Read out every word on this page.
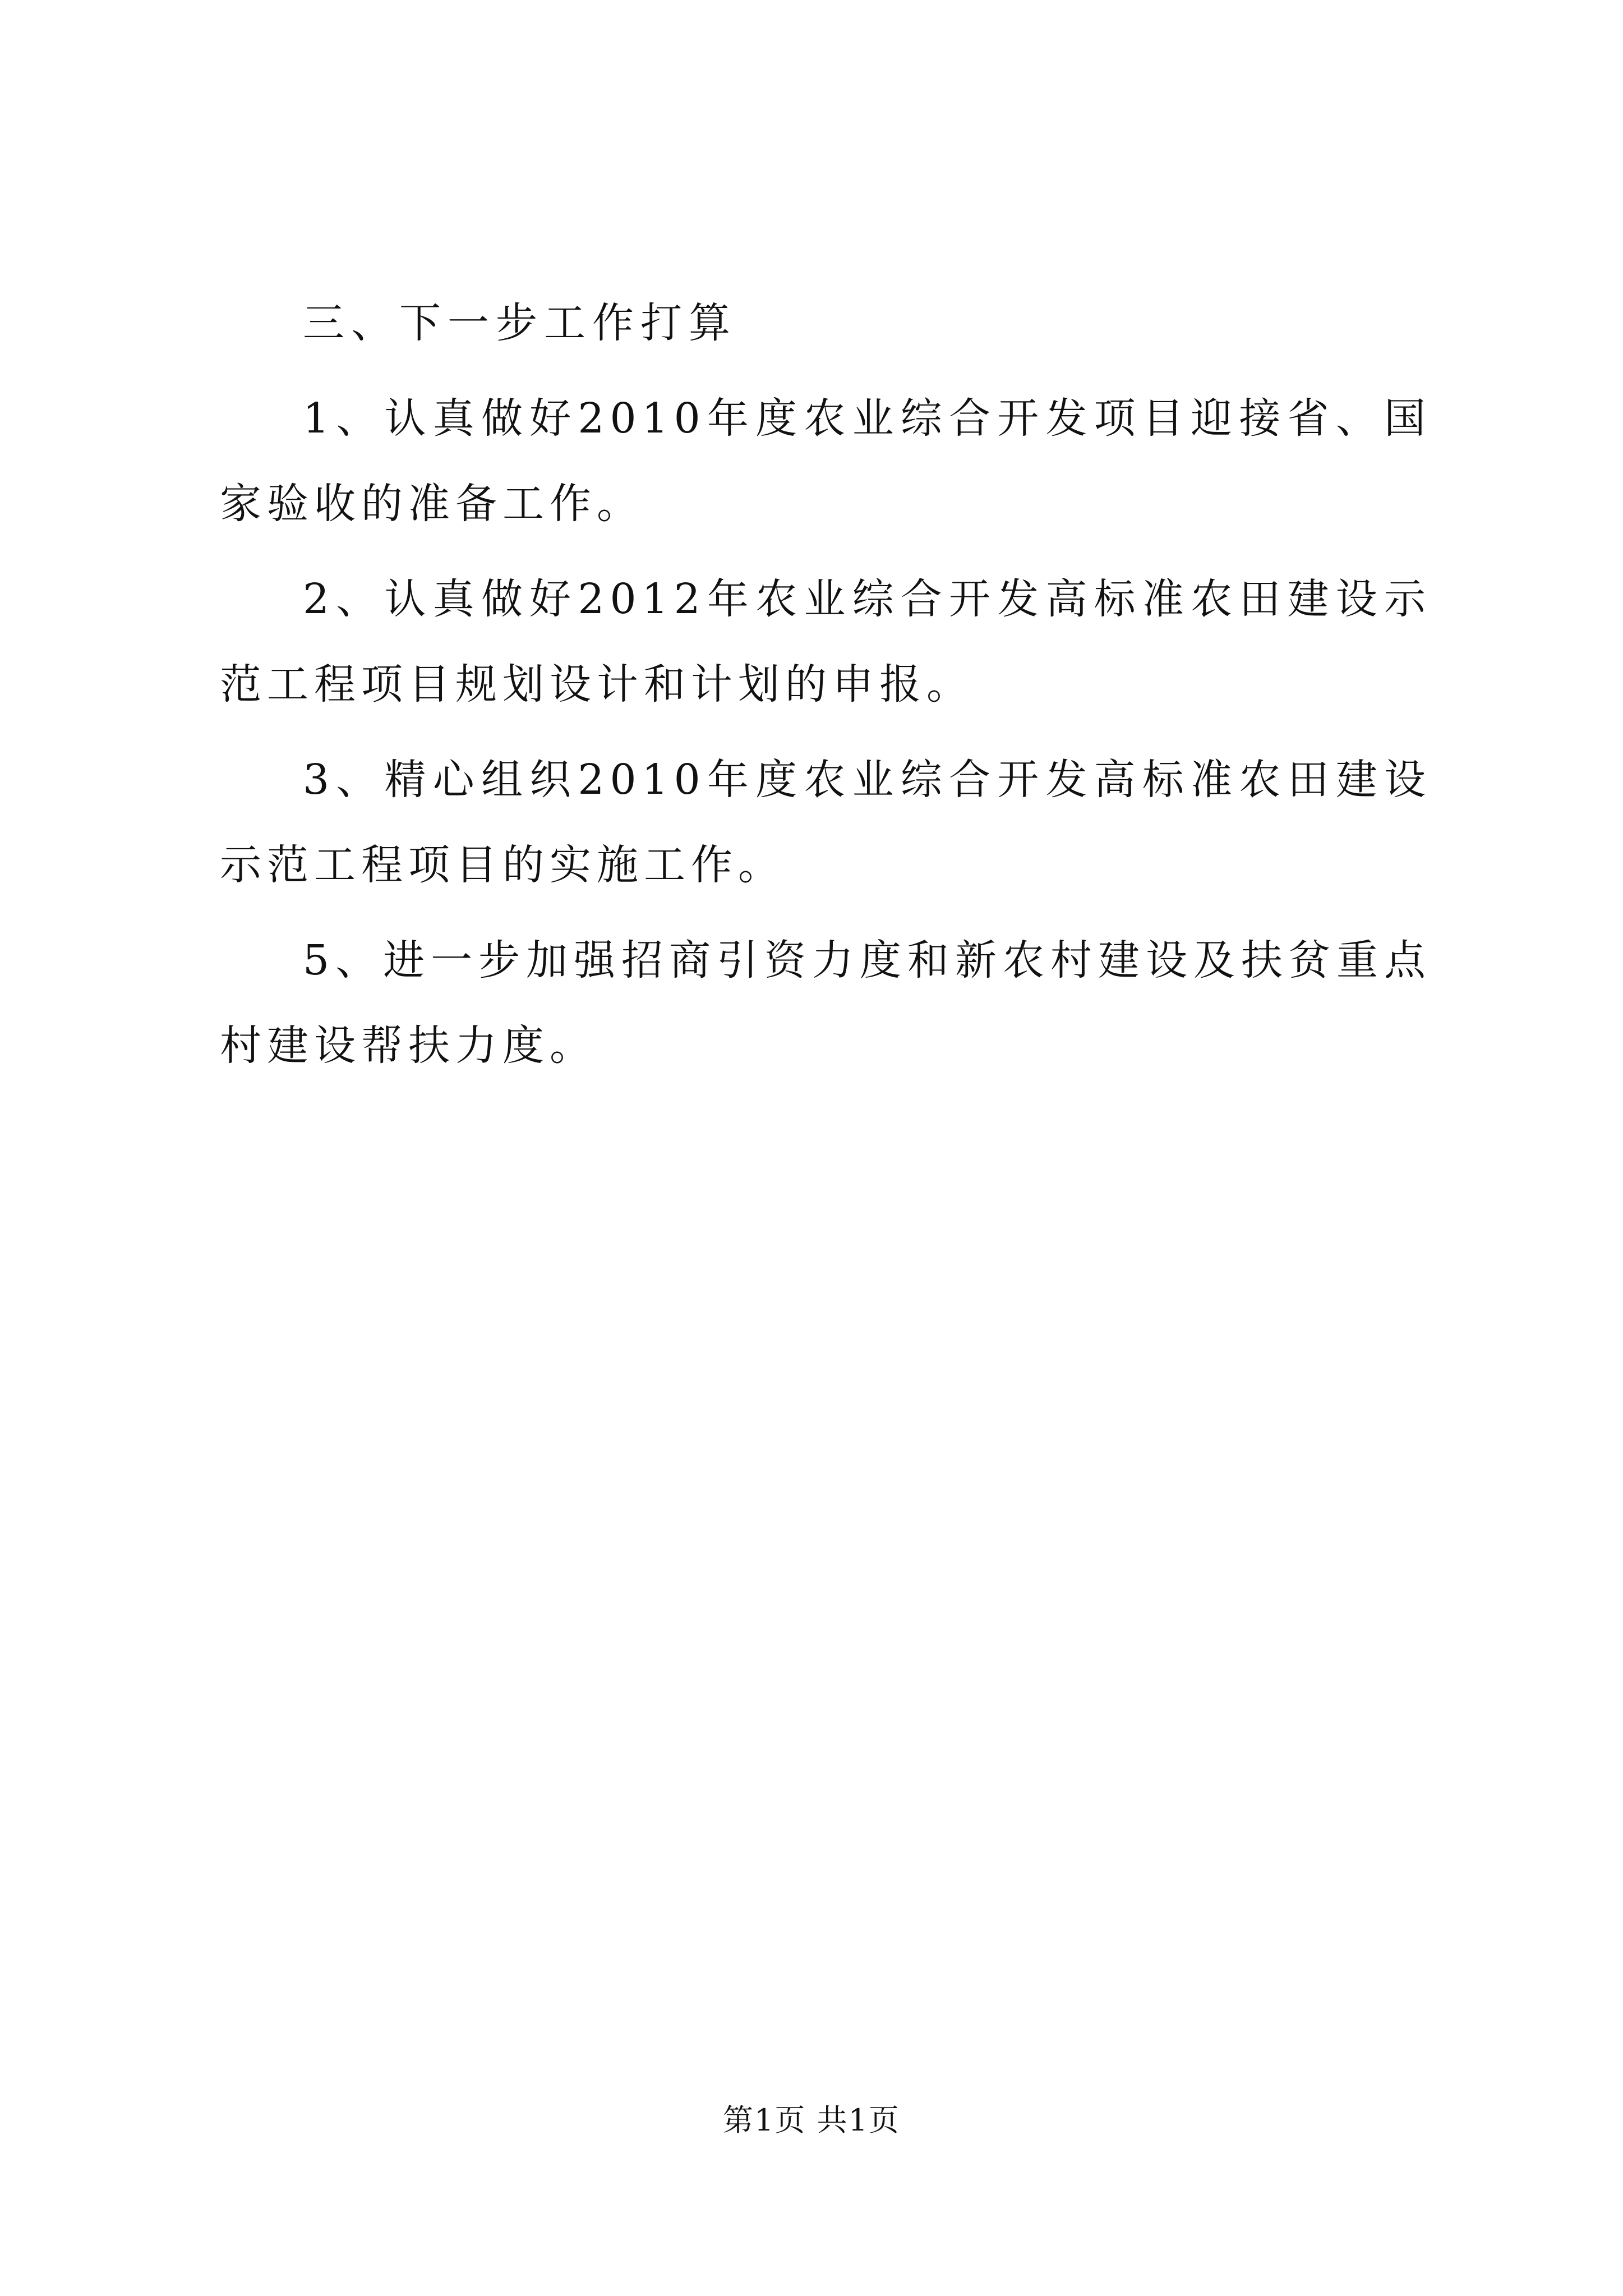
三、下一步工作打算

1、认真做好2010年度农业综合开发项目迎接省、国家验收的准备工作。

2、认真做好2012年农业综合开发高标准农田建设示范工程项目规划设计和计划的申报。

3、精心组织2010年度农业综合开发高标准农田建设示范工程项目的实施工作。

5、进一步加强招商引资力度和新农村建设及扶贫重点村建设帮扶力度。

第1页 共1页
